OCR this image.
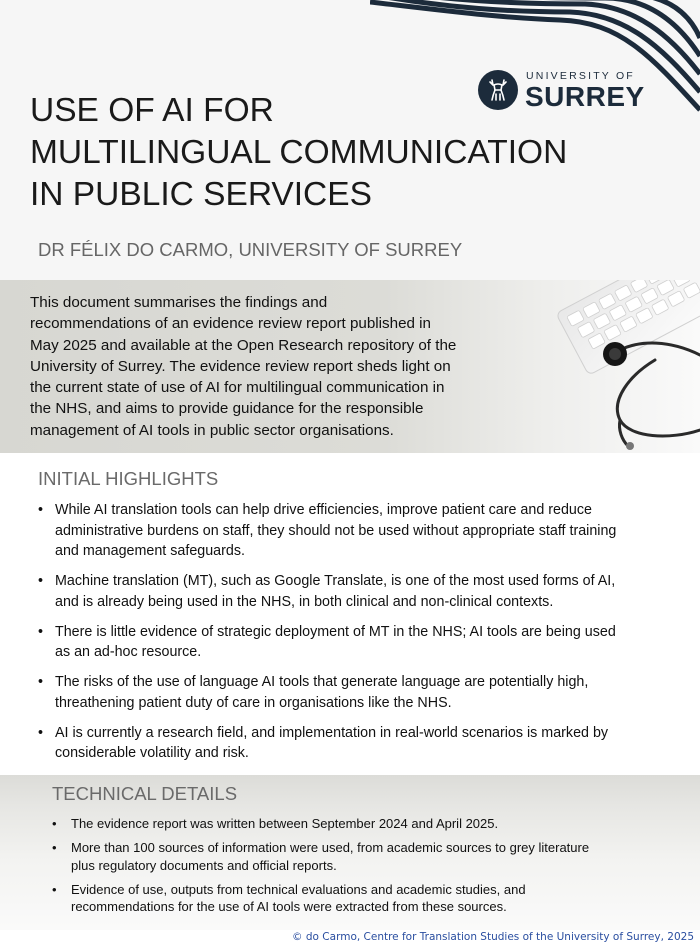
UNIVERSITY OF
SURREY
USE OF AI FOR
MULTILINGUAL COMMUNICATION
IN PUBLIC SERVICES
DR FÉLIX DO CARMO, UNIVERSITY OF SURREY
This document summarises the findings and
recommendations of an evidence review report published in
May 2025 and available at the Open Research repository of the
University of Surrey. The evidence review report sheds light on
the current state of use of AI for multilingual communication in
the NHS, and aims to provide guidance for the responsible
management of AI tools in public sector organisations.
INITIAL HIGHLIGHTS
• While AI translation tools can help drive efficiencies, improve patient care and reduce
administrative burdens on staff, they should not be used without appropriate staff training
and management safeguards.
• Machine translation (MT), such as Google Translate, is one of the most used forms of AI,
and is already being used in the NHS, in both clinical and non-clinical contexts.
• There is little evidence of strategic deployment of MT in the NHS; AI tools are being used
as an ad-hoc resource.
• The risks of the use of language AI tools that generate language are potentially high,
threathening patient duty of care in organisations like the NHS.
• AI is currently a research field, and implementation in real-world scenarios is marked by
considerable volatility and risk.
TECHNICAL DETAILS
• The evidence report was written between September 2024 and April 2025.
• More than 100 sources of information were used, from academic sources to grey literature
plus regulatory documents and official reports.
• Evidence of use, outputs from technical evaluations and academic studies, and
recommendations for the use of AI tools were extracted from these sources.
© do Carmo, Centre for Translation Studies of the University of Surrey, 2025
